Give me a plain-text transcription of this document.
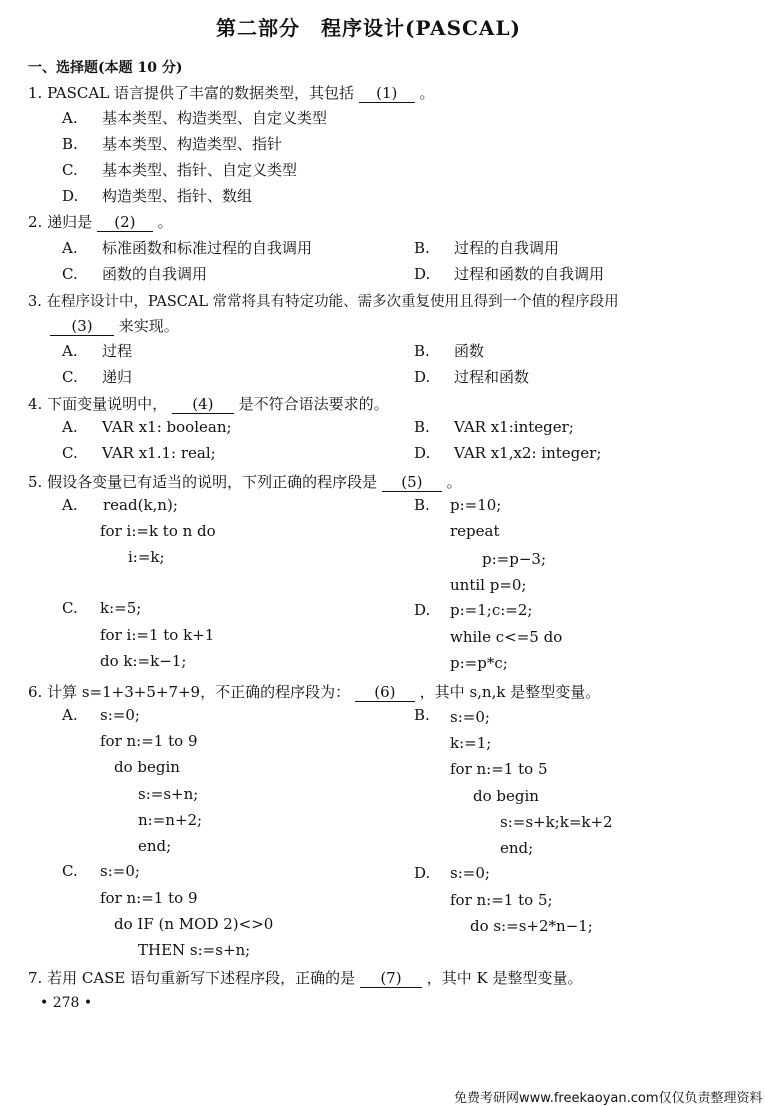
第二部分　程序设计(PASCAL)
一、选择题(本题 10 分)
1. PASCAL 语言提供了丰富的数据类型，其包括 (1) 。
A. 基本类型、构造类型、自定义类型
B. 基本类型、构造类型、指针
C. 基本类型、指针、自定义类型
D. 构造类型、指针、数组
2. 递归是 (2) 。
A. 标准函数和标准过程的自我调用	B. 过程的自我调用
C. 函数的自我调用	D. 过程和函数的自我调用
3. 在程序设计中，PASCAL 常常将具有特定功能、需多次重复使用且得到一个值的程序段用
(3) 来实现。
A. 过程	B. 函数
C. 递归	D. 过程和函数
4. 下面变量说明中， (4) 是不符合语法要求的。
A. VAR x1: boolean;	B. VAR x1:integer;
C. VAR x1.1: real;	D. VAR x1,x2: integer;
5. 假设各变量已有适当的说明，下列正确的程序段是 (5) 。
A. read(k,n);
for i:=k to n do
i:=k;
B. p:=10;
repeat
p:=p−3;
until p=0;
C. k:=5;
for i:=1 to k+1
do k:=k−1;
D. p:=1;c:=2;
while c<=5 do
p:=p*c;
6. 计算 s=1+3+5+7+9，不正确的程序段为： (6) ，其中 s,n,k 是整型变量。
A. s:=0;
for n:=1 to 9
do begin
s:=s+n;
n:=n+2;
end;
B. s:=0;
k:=1;
for n:=1 to 5
do begin
s:=s+k;k=k+2
end;
C. s:=0;
for n:=1 to 9
do IF (n MOD 2)<>0
THEN s:=s+n;
D. s:=0;
for n:=1 to 5;
do s:=s+2*n−1;
7. 若用 CASE 语句重新写下述程序段，正确的是 (7) ，其中 K 是整型变量。
• 278 •
免费考研网www.freekaoyan.com仅仅负责整理资料
